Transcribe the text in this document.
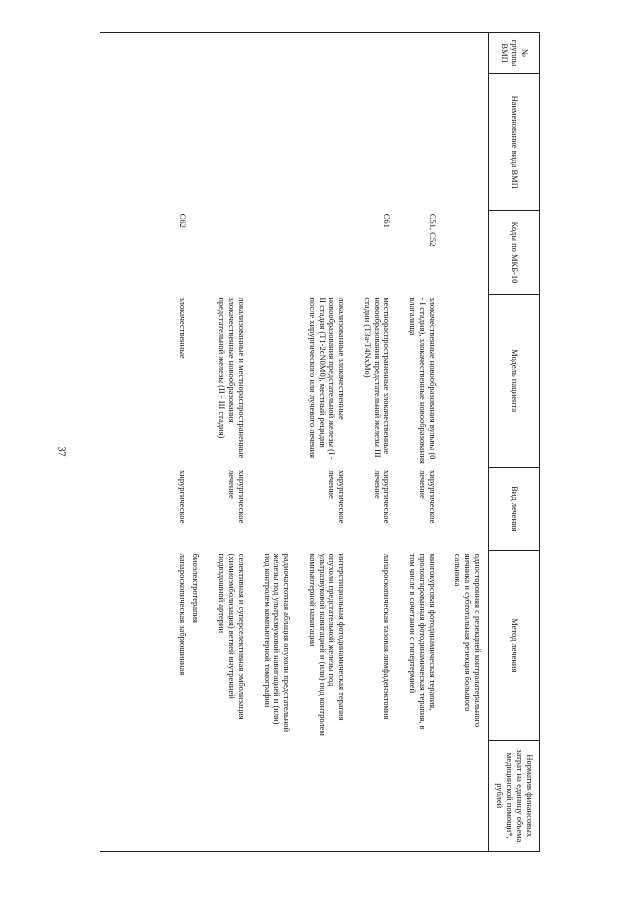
37
№ группы ВМП	Наименование вида ВМП	Коды по МКБ-10	Модель пациента	Вид лечения	Метод лечения	Норматив финансовых затрат на единицу объема медицинской помощи*, рублей
					односторонняя с резекцией контралатерального яичника и субтотальная резекция большого сальника	

		C51, C52	злокачественные новообразования вульвы (0 - I стадия), злокачественные новообразования влагалища	хирургическое лечение	многокурсовая фотодинамическая терапия, пролонгированная фотодинамическая терапия, в том числе в сочетании с гипертермией	

		C61	местнораспространенные злокачественные новообразования предстательной железы III стадии (T3a-T4NxMo)	хирургическое лечение	лапароскопическая тазовая лимфаденэктомия	

			локализованные злокачественные новообразования предстательной железы (I - II стадия (T1-2cN0M0), местный рецидив после хирургического или лучевого лечения	хирургическое лечение	интерстициальная фотодинамическая терапия опухоли предстательной железы под ультразвуковой навигацией и (или) под контролем компьютерной навигации	

					радиочастотная аблация опухоли предстательной железы под ультразвуковой навигацией и (или) под контролем компьютерной томографии	

			локализованные и местнораспространенные злокачественные новообразования предстательной железы (II - III стадия)	хирургическое лечение	селективная и суперселективная эмболизация (химиоэмболизация) ветвей внутренней подвздошной артерии	

					биоэлектротерапия	
		C62	злокачественные	хирургическое	лапароскопическая забрюшинная	
